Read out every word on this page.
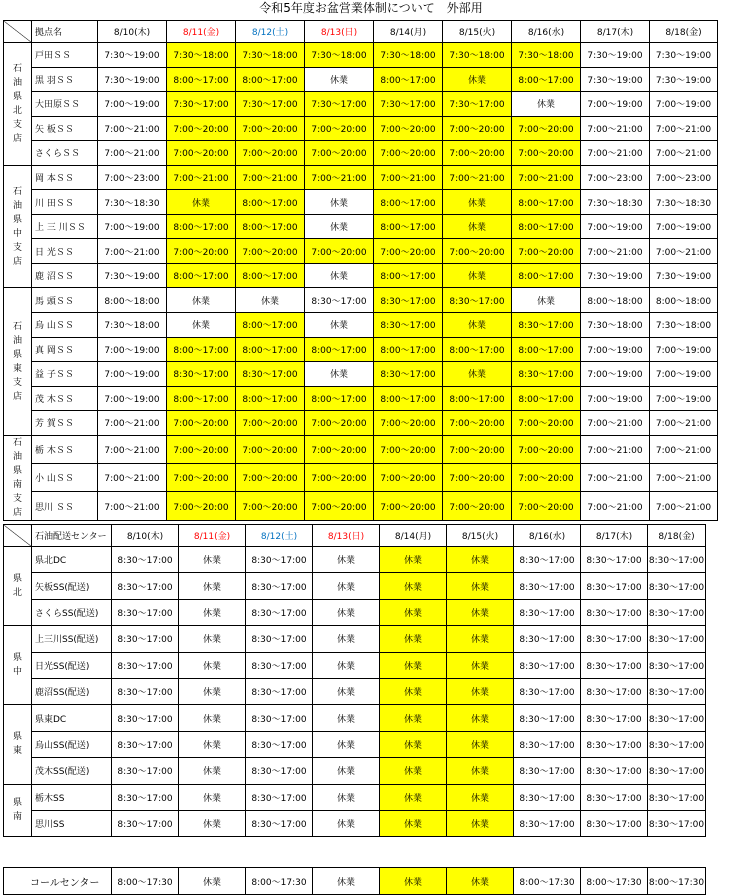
令和5年度お盆営業体制について　外部用
	拠点名	8/10(木)	8/11(金)	8/12(土)	8/13(日)	8/14(月)	8/15(火)	8/16(水)	8/17(木)	8/18(金)
石油県北支店	戸田ＳＳ	7:30～19:00	7:30～18:00	7:30～18:00	7:30～18:00	7:30～18:00	7:30～18:00	7:30～18:00	7:30～19:00	7:30～19:00
	黒 羽ＳＳ	7:30～19:00	8:00～17:00	8:00～17:00	休業	8:00～17:00	休業	8:00～17:00	7:30～19:00	7:30～19:00
	大田原ＳＳ	7:00～19:00	7:30～17:00	7:30～17:00	7:30～17:00	7:30～17:00	7:30～17:00	休業	7:00～19:00	7:00～19:00
	矢 板ＳＳ	7:00～21:00	7:00～20:00	7:00～20:00	7:00～20:00	7:00～20:00	7:00～20:00	7:00～20:00	7:00～21:00	7:00～21:00
	さくらＳＳ	7:00～21:00	7:00～20:00	7:00～20:00	7:00～20:00	7:00～20:00	7:00～20:00	7:00～20:00	7:00～21:00	7:00～21:00
石油県中支店	岡 本ＳＳ	7:00～23:00	7:00～21:00	7:00～21:00	7:00～21:00	7:00～21:00	7:00～21:00	7:00～21:00	7:00～23:00	7:00～23:00
	川 田ＳＳ	7:30～18:30	休業	8:00～17:00	休業	8:00～17:00	休業	8:00～17:00	7:30～18:30	7:30～18:30
	上 三 川ＳＳ	7:00～19:00	8:00～17:00	8:00～17:00	休業	8:00～17:00	休業	8:00～17:00	7:00～19:00	7:00～19:00
	日 光ＳＳ	7:00～21:00	7:00～20:00	7:00～20:00	7:00～20:00	7:00～20:00	7:00～20:00	7:00～20:00	7:00～21:00	7:00～21:00
	鹿 沼ＳＳ	7:30～19:00	8:00～17:00	8:00～17:00	休業	8:00～17:00	休業	8:00～17:00	7:30～19:00	7:30～19:00
石油県東支店	馬 頭ＳＳ	8:00～18:00	休業	休業	8:30～17:00	8:30～17:00	8:30～17:00	休業	8:00～18:00	8:00～18:00
	烏 山ＳＳ	7:30～18:00	休業	8:00～17:00	休業	8:30～17:00	休業	8:30～17:00	7:30～18:00	7:30～18:00
	真 岡ＳＳ	7:00～19:00	8:00～17:00	8:00～17:00	8:00～17:00	8:00～17:00	8:00～17:00	8:00～17:00	7:00～19:00	7:00～19:00
	益 子ＳＳ	7:00～19:00	8:30～17:00	8:30～17:00	休業	8:30～17:00	休業	8:30～17:00	7:00～19:00	7:00～19:00
	茂 木ＳＳ	7:00～19:00	8:00～17:00	8:00～17:00	8:00～17:00	8:00～17:00	8:00～17:00	8:00～17:00	7:00～19:00	7:00～19:00
	芳 賀ＳＳ	7:00～21:00	7:00～20:00	7:00～20:00	7:00～20:00	7:00～20:00	7:00～20:00	7:00～20:00	7:00～21:00	7:00～21:00
石油県南支店	栃 木ＳＳ	7:00～21:00	7:00～20:00	7:00～20:00	7:00～20:00	7:00～20:00	7:00～20:00	7:00～20:00	7:00～21:00	7:00～21:00
	小 山ＳＳ	7:00～21:00	7:00～20:00	7:00～20:00	7:00～20:00	7:00～20:00	7:00～20:00	7:00～20:00	7:00～21:00	7:00～21:00
	思川 ＳＳ	7:00～21:00	7:00～20:00	7:00～20:00	7:00～20:00	7:00～20:00	7:00～20:00	7:00～20:00	7:00～21:00	7:00～21:00
	石油配送センター	8/10(木)	8/11(金)	8/12(土)	8/13(日)	8/14(月)	8/15(火)	8/16(水)	8/17(木)	8/18(金)
県北	県北DC	8:30～17:00	休業	8:30～17:00	休業	休業	休業	8:30～17:00	8:30～17:00	8:30～17:00
	矢板SS(配送)	8:30～17:00	休業	8:30～17:00	休業	休業	休業	8:30～17:00	8:30～17:00	8:30～17:00
	さくらSS(配送)	8:30～17:00	休業	8:30～17:00	休業	休業	休業	8:30～17:00	8:30～17:00	8:30～17:00
県中	上三川SS(配送)	8:30～17:00	休業	8:30～17:00	休業	休業	休業	8:30～17:00	8:30～17:00	8:30～17:00
	日光SS(配送)	8:30～17:00	休業	8:30～17:00	休業	休業	休業	8:30～17:00	8:30～17:00	8:30～17:00
	鹿沼SS(配送)	8:30～17:00	休業	8:30～17:00	休業	休業	休業	8:30～17:00	8:30～17:00	8:30～17:00
県東	県東DC	8:30～17:00	休業	8:30～17:00	休業	休業	休業	8:30～17:00	8:30～17:00	8:30～17:00
	烏山SS(配送)	8:30～17:00	休業	8:30～17:00	休業	休業	休業	8:30～17:00	8:30～17:00	8:30～17:00
	茂木SS(配送)	8:30～17:00	休業	8:30～17:00	休業	休業	休業	8:30～17:00	8:30～17:00	8:30～17:00
県南	栃木SS	8:30～17:00	休業	8:30～17:00	休業	休業	休業	8:30～17:00	8:30～17:00	8:30～17:00
	思川SS	8:30～17:00	休業	8:30～17:00	休業	休業	休業	8:30～17:00	8:30～17:00	8:30～17:00
コールセンター	8:00～17:30	休業	8:00～17:30	休業	休業	休業	8:00～17:30	8:00～17:30	8:00～17:30
